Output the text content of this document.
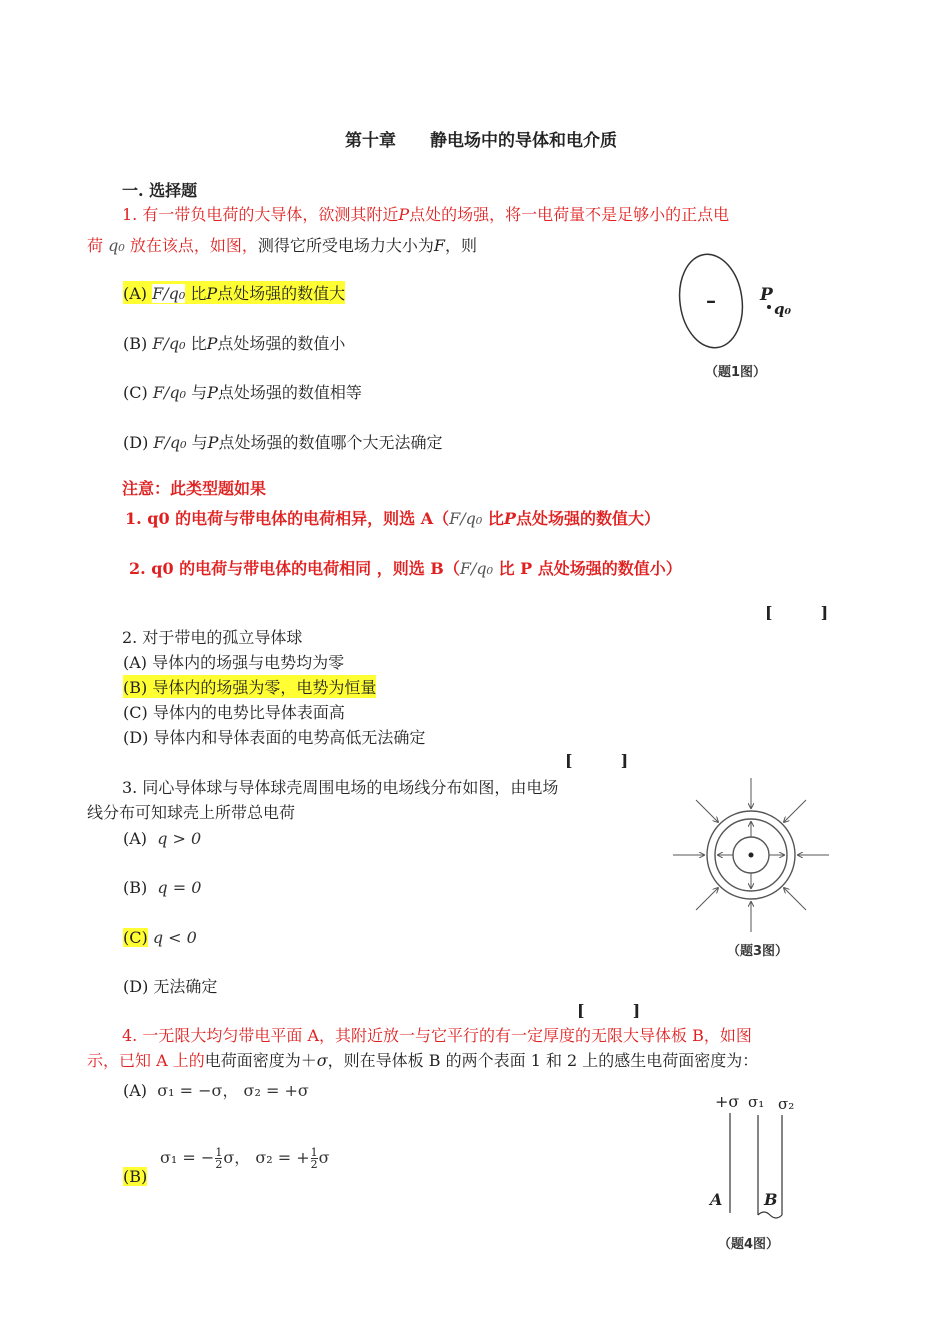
第十章　　静电场中的导体和电介质
一. 选择题
1. 有一带负电荷的大导体，欲测其附近P点处的场强，将一电荷量不是足够小的正点电
荷 q₀ 放在该点，如图，测得它所受电场力大小为F，则
(A) F/q₀ 比P点处场强的数值大
(B) F/q₀ 比P点处场强的数值小
(C) F/q₀ 与P点处场强的数值相等
(D) F/q₀ 与P点处场强的数值哪个大无法确定
–	P
q₀
（题1图）
注意：此类型题如果
1. q0 的电荷与带电体的电荷相异，则选 A（F/q₀ 比P点处场强的数值大）
2. q0 的电荷与带电体的电荷相同 ，则选 B（F/q₀ 比 P 点处场强的数值小）
[　　　]
2. 对于带电的孤立导体球
(A) 导体内的场强与电势均为零
(B) 导体内的场强为零，电势为恒量
(C) 导体内的电势比导体表面高
(D) 导体内和导体表面的电势高低无法确定
[　　　]
3. 同心导体球与导体球壳周围电场的电场线分布如图，由电场
线分布可知球壳上所带总电荷
(A) q > 0
(B) q = 0
(C) q < 0
(D) 无法确定
（题3图）
[　　　]
4. 一无限大均匀带电平面 A，其附近放一与它平行的有一定厚度的无限大导体板 B，如图
示，已知 A 上的电荷面密度为＋σ，则在导体板 B 的两个表面 1 和 2 上的感生电荷面密度为：
(A) σ₁ = −σ， σ₂ = +σ
σ₁ = − $\frac{1}{2}$ σ， σ₂ = + $\frac{1}{2}$ σ
(B)
+σ σ₁ σ₂
A	B
（题4图）
